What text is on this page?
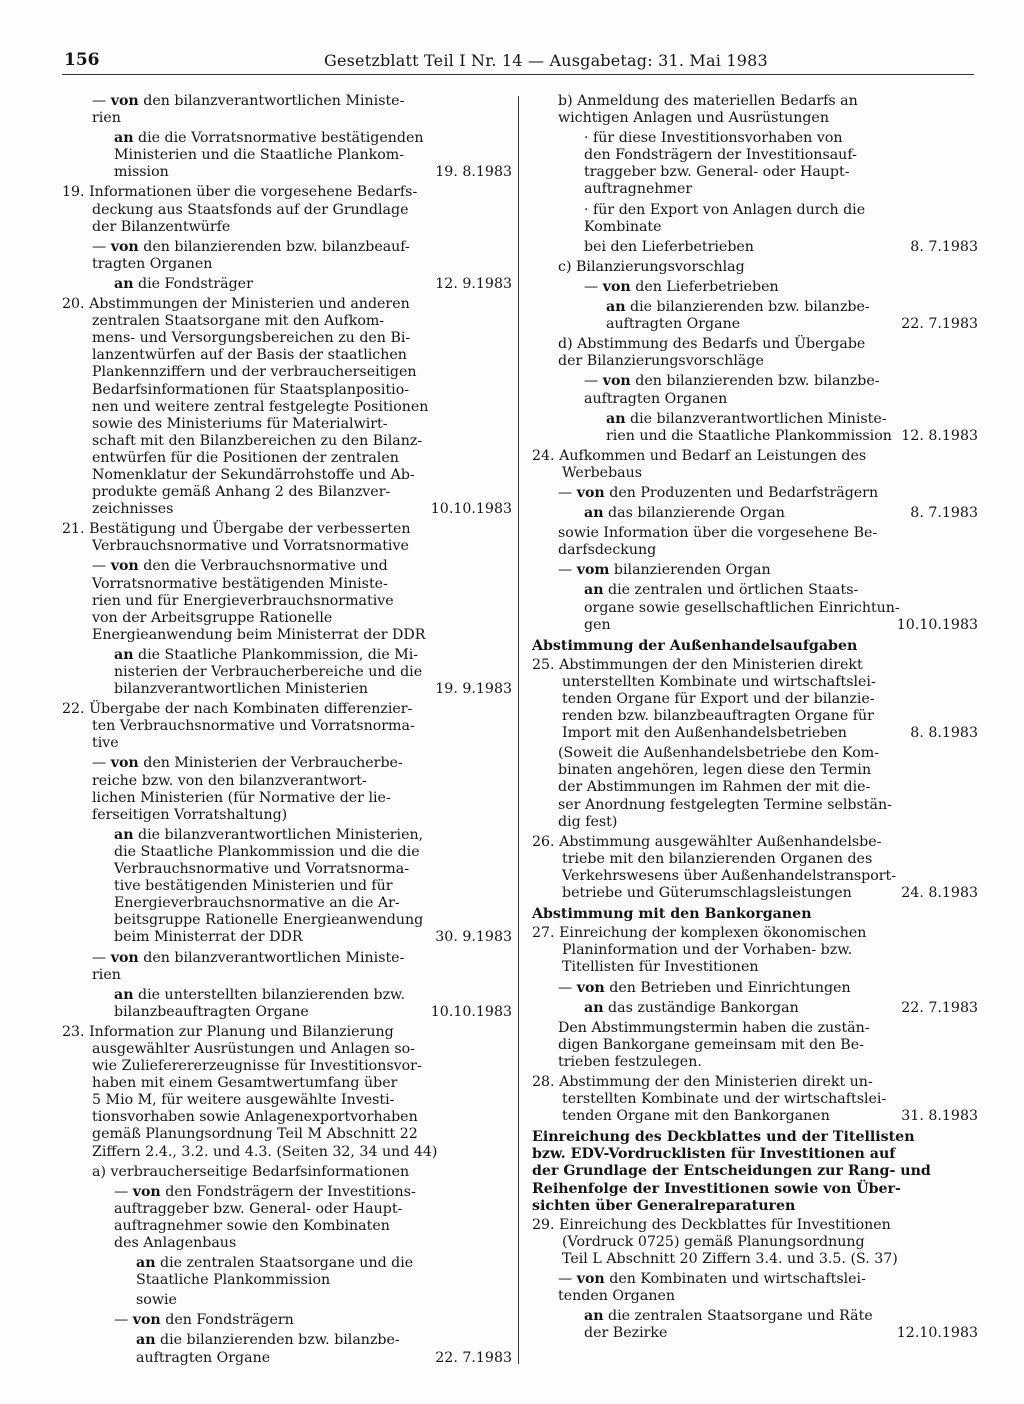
156	Gesetzblatt Teil I Nr. 14 — Ausgabetag: 31. Mai 1983
— von den bilanzverantwortlichen Ministe-
rien
an die die Vorratsnormative bestätigenden
Ministerien und die Staatliche Plankom-
mission	19. 8.1983
19. Informationen über die vorgesehene Bedarfs-
deckung aus Staatsfonds auf der Grundlage
der Bilanzentwürfe
— von den bilanzierenden bzw. bilanzbeauf-
tragten Organen
an die Fondsträger	12. 9.1983
20. Abstimmungen der Ministerien und anderen
zentralen Staatsorgane mit den Aufkom-
mens- und Versorgungsbereichen zu den Bi-
lanzentwürfen auf der Basis der staatlichen
Plankennziffern und der verbraucherseitigen
Bedarfsinformationen für Staatsplanpositio-
nen und weitere zentral festgelegte Positionen
sowie des Ministeriums für Materialwirt-
schaft mit den Bilanzbereichen zu den Bilanz-
entwürfen für die Positionen der zentralen
Nomenklatur der Sekundärrohstoffe und Ab-
produkte gemäß Anhang 2 des Bilanzver-
zeichnisses	10.10.1983
21. Bestätigung und Übergabe der verbesserten
Verbrauchsnormative und Vorratsnormative
— von den die Verbrauchsnormative und
Vorratsnormative bestätigenden Ministe-
rien und für Energieverbrauchsnormative
von der Arbeitsgruppe Rationelle
Energieanwendung beim Ministerrat der DDR
an die Staatliche Plankommission, die Mi-
nisterien der Verbraucherbereiche und die
bilanzverantwortlichen Ministerien	19. 9.1983
22. Übergabe der nach Kombinaten differenzier-
ten Verbrauchsnormative und Vorratsnorma-
tive
— von den Ministerien der Verbraucherbe-
reiche bzw. von den bilanzverantwort-
lichen Ministerien (für Normative der lie-
ferseitigen Vorratshaltung)
an die bilanzverantwortlichen Ministerien,
die Staatliche Plankommission und die die
Verbrauchsnormative und Vorratsnorma-
tive bestätigenden Ministerien und für
Energieverbrauchsnormative an die Ar-
beitsgruppe Rationelle Energieanwendung
beim Ministerrat der DDR	30. 9.1983
— von den bilanzverantwortlichen Ministe-
rien
an die unterstellten bilanzierenden bzw.
bilanzbeauftragten Organe	10.10.1983
23. Information zur Planung und Bilanzierung
ausgewählter Ausrüstungen und Anlagen so-
wie Zulieferererzeugnisse für Investitionsvor-
haben mit einem Gesamtwertumfang über
5 Mio M, für weitere ausgewählte Investi-
tionsvorhaben sowie Anlagenexportvorhaben
gemäß Planungsordnung Teil M Abschnitt 22
Ziffern 2.4., 3.2. und 4.3. (Seiten 32, 34 und 44)
a) verbraucherseitige Bedarfsinformationen
— von den Fondsträgern der Investitions-
auftraggeber bzw. General- oder Haupt-
auftragnehmer sowie den Kombinaten
des Anlagenbaus
an die zentralen Staatsorgane und die
Staatliche Plankommission
sowie
— von den Fondsträgern
an die bilanzierenden bzw. bilanzbe-
auftragten Organe	22. 7.1983
b) Anmeldung des materiellen Bedarfs an
wichtigen Anlagen und Ausrüstungen
· für diese Investitionsvorhaben von
den Fondsträgern der Investitionsauf-
traggeber bzw. General- oder Haupt-
auftragnehmer
· für den Export von Anlagen durch die
Kombinate
bei den Lieferbetrieben	8. 7.1983
c) Bilanzierungsvorschlag
— von den Lieferbetrieben
an die bilanzierenden bzw. bilanzbe-
auftragten Organe	22. 7.1983
d) Abstimmung des Bedarfs und Übergabe
der Bilanzierungsvorschläge
— von den bilanzierenden bzw. bilanzbe-
auftragten Organen
an die bilanzverantwortlichen Ministe-
rien und die Staatliche Plankommission 12. 8.1983
24. Aufkommen und Bedarf an Leistungen des
Werbebaus
— von den Produzenten und Bedarfsträgern
an das bilanzierende Organ	8. 7.1983
sowie Information über die vorgesehene Be-
darfsdeckung
— vom bilanzierenden Organ
an die zentralen und örtlichen Staats-
organe sowie gesellschaftlichen Einrichtun-
gen	10.10.1983
Abstimmung der Außenhandelsaufgaben
25. Abstimmungen der den Ministerien direkt
unterstellten Kombinate und wirtschaftslei-
tenden Organe für Export und der bilanzie-
renden bzw. bilanzbeauftragten Organe für
Import mit den Außenhandelsbetrieben	8. 8.1983
(Soweit die Außenhandelsbetriebe den Kom-
binaten angehören, legen diese den Termin
der Abstimmungen im Rahmen der mit die-
ser Anordnung festgelegten Termine selbstän-
dig fest)
26. Abstimmung ausgewählter Außenhandelsbe-
triebe mit den bilanzierenden Organen des
Verkehrswesens über Außenhandelstransport-
betriebe und Güterumschlagsleistungen	24. 8.1983
Abstimmung mit den Bankorganen
27. Einreichung der komplexen ökonomischen
Planinformation und der Vorhaben- bzw.
Titellisten für Investitionen
— von den Betrieben und Einrichtungen
an das zuständige Bankorgan	22. 7.1983
Den Abstimmungstermin haben die zustän-
digen Bankorgane gemeinsam mit den Be-
trieben festzulegen.
28. Abstimmung der den Ministerien direkt un-
terstellten Kombinate und der wirtschaftslei-
tenden Organe mit den Bankorganen	31. 8.1983
Einreichung des Deckblattes und der Titellisten
bzw. EDV-Vordrucklisten für Investitionen auf
der Grundlage der Entscheidungen zur Rang- und
Reihenfolge der Investitionen sowie von Über-
sichten über Generalreparaturen
29. Einreichung des Deckblattes für Investitionen
(Vordruck 0725) gemäß Planungsordnung
Teil L Abschnitt 20 Ziffern 3.4. und 3.5. (S. 37)
— von den Kombinaten und wirtschaftslei-
tenden Organen
an die zentralen Staatsorgane und Räte
der Bezirke	12.10.1983
